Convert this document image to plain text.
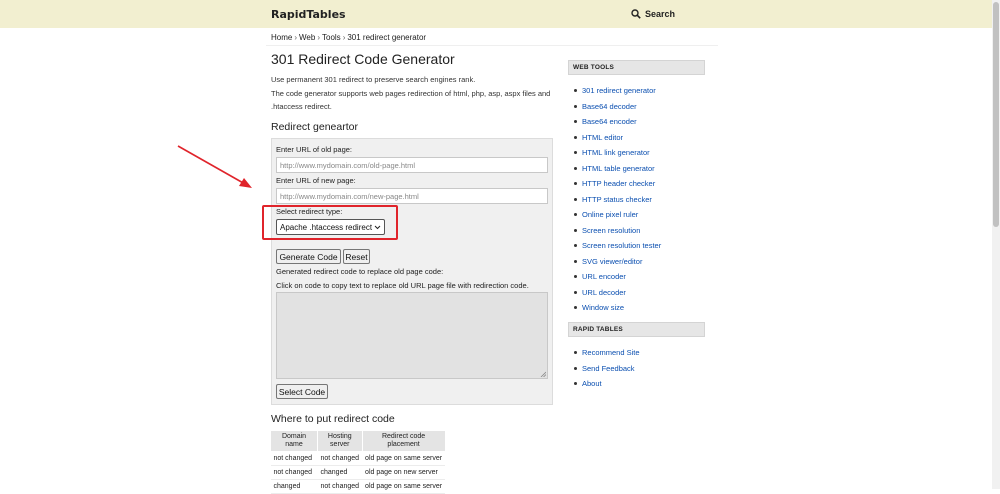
RapidTables	Search
Home › Web › Tools › 301 redirect generator
301 Redirect Code Generator
Use permanent 301 redirect to preserve search engines rank.
The code generator supports web pages redirection of html, php, asp, aspx files and
.htaccess redirect.
Redirect geneartor
Enter URL of old page:
http://www.mydomain.com/old-page.html
Enter URL of new page:
http://www.mydomain.com/new-page.html
Select redirect type:
Apache .htaccess redirect
Generate Code Reset
Generated redirect code to replace old page code:
Click on code to copy text to replace old URL page file with redirection code.
Select Code
Where to put redirect code
Domain name	Hosting server	Redirect code placement
not changed	not changed	old page on same server
not changed	changed	old page on new server
changed	not changed	old page on same server
WEB TOOLS
301 redirect generator
Base64 decoder
Base64 encoder
HTML editor
HTML link generator
HTML table generator
HTTP header checker
HTTP status checker
Online pixel ruler
Screen resolution
Screen resolution tester
SVG viewer/editor
URL encoder
URL decoder
Window size
RAPID TABLES
Recommend Site
Send Feedback
About
